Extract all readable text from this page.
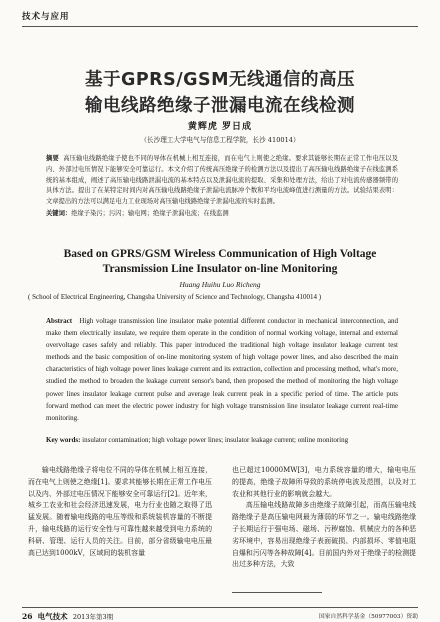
技术与应用
基于GPRS/GSM无线通信的高压
输电线路绝缘子泄漏电流在线检测
黄辉虎 罗日成
（长沙理工大学电气与信息工程学院，长沙 410014）
摘要 高压输电线路绝缘子使也不同的导体在机械上相互连接，而在电气上则使之绝缘。要求其能够长期在正常工作电压以及内、外部过电压情况下能够安全可靠运行。本文介绍了传统高压绝缘子的检测方法以及提出了高压输电线路绝缘子在线监测系统的基本组成，阐述了高压输电线路泄漏电流的基本特点以及泄漏电流的提取、采集和处理方法，给出了对电流传感器频带的具体方法。提出了在某特定时间内对高压输电线路绝缘子泄漏电流脉冲个数和平均电流峰值进行测量的方法。试验结果表明：文章提出的方法可以满足电力工业现场对高压输电线路绝缘子泄漏电流的实时监测。
关键词：绝缘子染污；污闪；输电网；绝缘子泄漏电流；在线监测
Based on GPRS/GSM Wireless Communication of High Voltage
Transmission Line Insulator on-line Monitoring
Huang Huihu Luo Richeng
( School of Electrical Engineering, Changsha University of Science and Technology, Changsha 410014 )
Abstract High voltage transmission line insulator make potential different conductor in mechanical interconnection, and make them electrically insulate, we require them operate in the condition of normal working voltage, internal and external overvoltage cases safely and reliably. This paper introduced the traditional high voltage insulator leakage current test methods and the basic composition of on-line monitoring system of high voltage power lines, and also described the main characteristics of high voltage power lines leakage current and its extraction, collection and processing method, what's more, studied the method to broaden the leakage current sensor's band, then proposed the method of monitoring the high voltage power lines insulator leakage current pulse and average leak current peak in a specific period of time. The article puts forward method can meet the electric power industry for high voltage transmission line insulator leakage current real-time monitoring.
Key words: insulator contamination; high voltage power lines; insulator leakage current; online monitoring
输电线路绝缘子将电位不同的导体在机械上相互连接，而在电气上则使之绝缘[1]。要求其能够长期在正常工作电压以及内、外部过电压情况下能够安全可靠运行[2]。近年来，城乡工农业和社会经济迅速发展，电力行业也随之取得了迅猛发展。随着输电线路的电压等级和系统装机容量的不断提升，输电线路的运行安全性与可靠性越来越受到电力系统的科研、管理、运行人员的关注。目前，部分省级输电电压最高已达到1000kV，区域间的装机容量
也已超过10000MW[3]，电力系统容量的增大，输电电压的提高，绝缘子故障所导致的系统停电波及范围，以及对工农业和其他行业的影响就会越大。
高压输电线路故障多由绝缘子故障引起，而高压输电线路绝缘子是高压输电网最为薄弱的环节之一。输电线路绝缘子长期运行于强电场、磁场、污秽腐蚀、机械应力的各种恶劣环境中，容易出现绝缘子表面破损、内部损坏、零值电阻自爆和污闪等各种故障[4]。目前国内外对于绝缘子的检测提出过多种方法，大致
26 电气技术 2013年第3期	国家自然科学基金（50977003）资助
